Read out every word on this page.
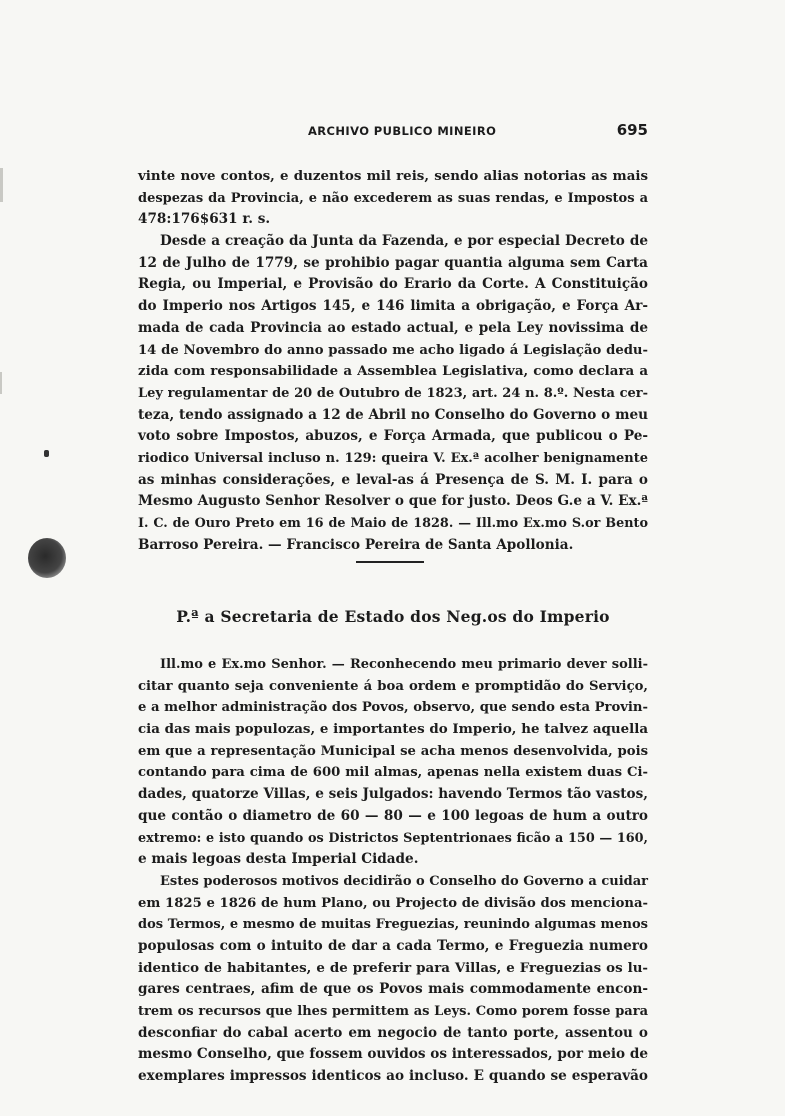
ARCHIVO PUBLICO MINEIRO	695
vinte nove contos, e duzentos mil reis, sendo alias notorias as mais
despezas da Provincia, e não excederem as suas rendas, e Impostos a
478:176$631 r. s.
Desde a creação da Junta da Fazenda, e por especial Decreto de
12 de Julho de 1779, se prohibio pagar quantia alguma sem Carta
Regia, ou Imperial, e Provisão do Erario da Corte. A Constituição
do Imperio nos Artigos 145, e 146 limita a obrigação, e Força Ar-
mada de cada Provincia ao estado actual, e pela Ley novissima de
14 de Novembro do anno passado me acho ligado á Legislação dedu-
zida com responsabilidade a Assemblea Legislativa, como declara a
Ley regulamentar de 20 de Outubro de 1823, art. 24 n. 8.º. Nesta cer-
teza, tendo assignado a 12 de Abril no Conselho do Governo o meu
voto sobre Impostos, abuzos, e Força Armada, que publicou o Pe-
riodico Universal incluso n. 129: queira V. Ex.ª acolher benignamente
as minhas considerações, e leval-as á Presença de S. M. I. para o
Mesmo Augusto Senhor Resolver o que for justo. Deos G.e a V. Ex.ª
I. C. de Ouro Preto em 16 de Maio de 1828. — Ill.mo Ex.mo S.or Bento
Barroso Pereira. — Francisco Pereira de Santa Apollonia.
P.ª a Secretaria de Estado dos Neg.os do Imperio
Ill.mo e Ex.mo Senhor. — Reconhecendo meu primario dever solli-
citar quanto seja conveniente á boa ordem e promptidão do Serviço,
e a melhor administração dos Povos, observo, que sendo esta Provin-
cia das mais populozas, e importantes do Imperio, he talvez aquella
em que a representação Municipal se acha menos desenvolvida, pois
contando para cima de 600 mil almas, apenas nella existem duas Ci-
dades, quatorze Villas, e seis Julgados: havendo Termos tão vastos,
que contão o diametro de 60 — 80 — e 100 legoas de hum a outro
extremo: e isto quando os Districtos Septentrionaes ficão a 150 — 160,
e mais legoas desta Imperial Cidade.
Estes poderosos motivos decidirão o Conselho do Governo a cuidar
em 1825 e 1826 de hum Plano, ou Projecto de divisão dos menciona-
dos Termos, e mesmo de muitas Freguezias, reunindo algumas menos
populosas com o intuito de dar a cada Termo, e Freguezia numero
identico de habitantes, e de preferir para Villas, e Freguezias os lu-
gares centraes, afim de que os Povos mais commodamente encon-
trem os recursos que lhes permittem as Leys. Como porem fosse para
desconfiar do cabal acerto em negocio de tanto porte, assentou o
mesmo Conselho, que fossem ouvidos os interessados, por meio de
exemplares impressos identicos ao incluso. E quando se esperavão
